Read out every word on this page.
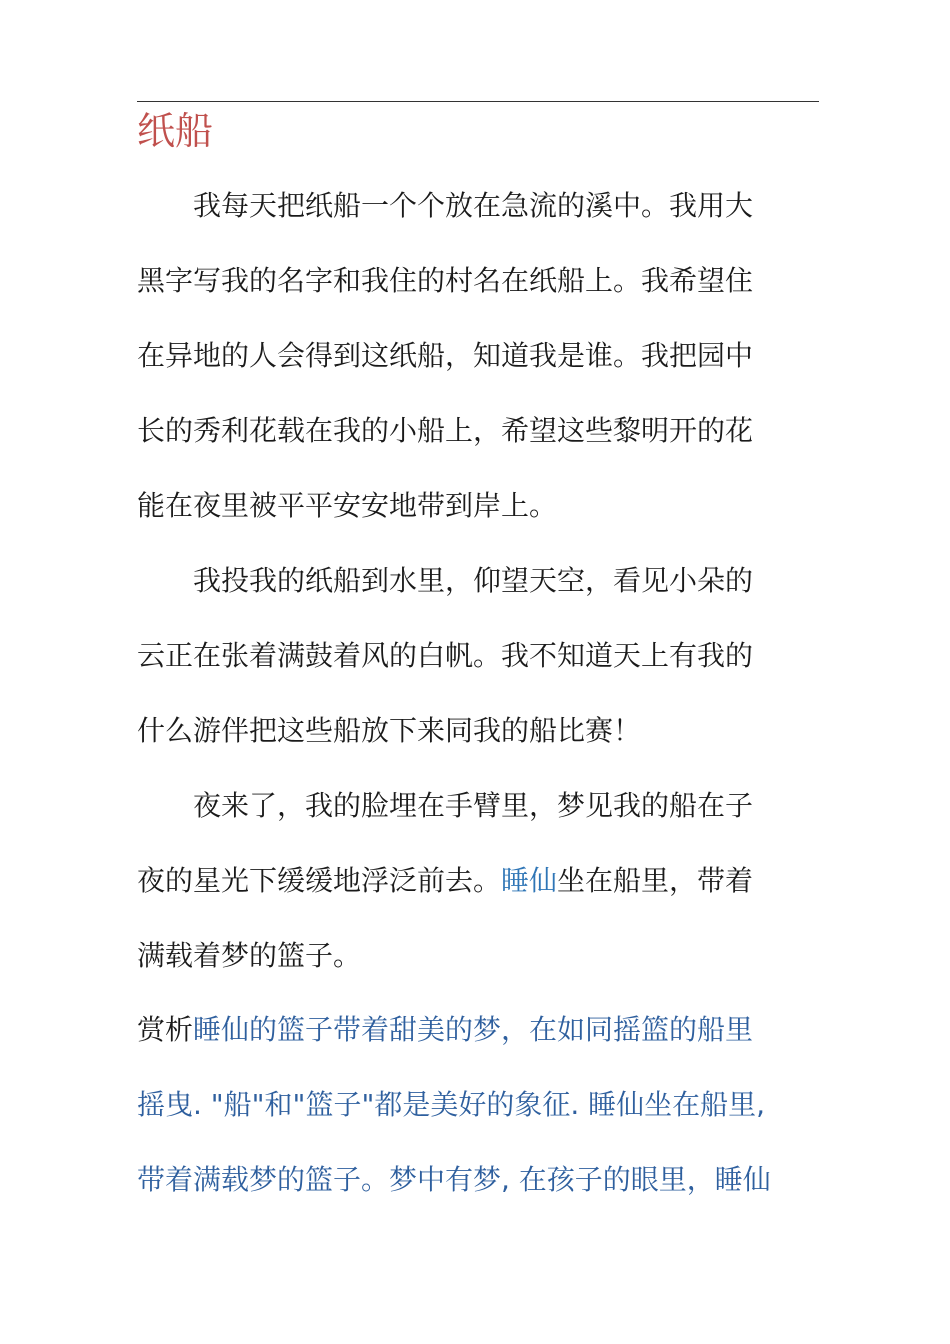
纸船
我每天把纸船一个个放在急流的溪中。我用大
黑字写我的名字和我住的村名在纸船上。我希望住
在异地的人会得到这纸船，知道我是谁。我把园中
长的秀利花载在我的小船上，希望这些黎明开的花
能在夜里被平平安安地带到岸上。
我投我的纸船到水里，仰望天空，看见小朵的
云正在张着满鼓着风的白帆。我不知道天上有我的
什么游伴把这些船放下来同我的船比赛！
夜来了，我的脸埋在手臂里，梦见我的船在子
夜的星光下缓缓地浮泛前去。睡仙坐在船里，带着
满载着梦的篮子。
赏析睡仙的篮子带着甜美的梦，在如同摇篮的船里
摇曳. "船"和"篮子"都是美好的象征. 睡仙坐在船里,
带着满载梦的篮子。梦中有梦, 在孩子的眼里，睡仙
